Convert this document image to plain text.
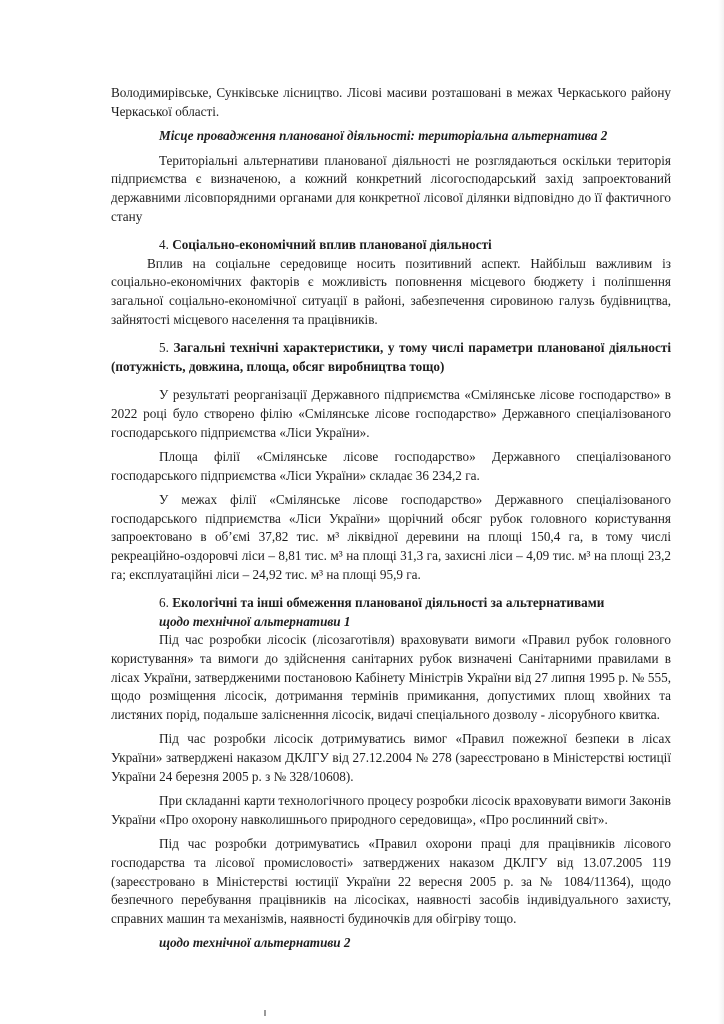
Володимирівське, Сунківське лісництво. Лісові масиви розташовані в межах Черкаського району Черкаської області.

Місце провадження планованої діяльності: територіальна альтернатива 2

Територіальні альтернативи планованої діяльності не розглядаються оскільки територія підприємства є визначеною, а кожний конкретний лісогосподарський захід запроектований державними лісовпорядними органами для конкретної лісової ділянки відповідно до її фактичного стану

4. Соціально-економічний вплив планованої діяльності

Вплив на соціальне середовище носить позитивний аспект. Найбільш важливим із соціально-економічних факторів є можливість поповнення місцевого бюджету і поліпшення загальної соціально-економічної ситуації в районі, забезпечення сировиною галузь будівництва, зайнятості місцевого населення та працівників.

5. Загальні технічні характеристики, у тому числі параметри планованої діяльності (потужність, довжина, площа, обсяг виробництва тощо)

У результаті реорганізації Державного підприємства «Смілянське лісове господарство» в 2022 році було створено філію «Смілянське лісове господарство» Державного спеціалізованого господарського підприємства «Ліси України».

Площа філії «Смілянське лісове господарство» Державного спеціалізованого господарського підприємства «Ліси України» складає 36 234,2 га.

У межах філії «Смілянське лісове господарство» Державного спеціалізованого господарського підприємства «Ліси України» щорічний обсяг рубок головного користування запроектовано в об’ємі 37,82 тис. м³ ліквідної деревини на площі 150,4 га, в тому числі рекреаційно-оздоровчі ліси – 8,81 тис. м³ на площі 31,3 га, захисні ліси – 4,09 тис. м³ на площі 23,2 га; експлуатаційні ліси – 24,92 тис. м³ на площі 95,9 га.

6. Екологічні та інші обмеження планованої діяльності за альтернативами

щодо технічної альтернативи 1

Під час розробки лісосік (лісозаготівля) враховувати вимоги «Правил рубок головного користування» та вимоги до здійснення санітарних рубок визначені Санітарними правилами в лісах України, затвердженими постановою Кабінету Міністрів України від 27 липня 1995 р. № 555, щодо розміщення лісосік, дотримання термінів примикання, допустимих площ хвойних та листяних порід, подальше залісненння лісосік, видачі спеціального дозволу - лісорубного квитка.

Під час розробки лісосік дотримуватись вимог «Правил пожежної безпеки в лісах України» затверджені наказом ДКЛГУ від 27.12.2004 № 278 (зареєстровано в Міністерстві юстиції України 24 березня 2005 р. з № 328/10608).

При складанні карти технологічного процесу розробки лісосік враховувати вимоги Законів України «Про охорону навколишнього природного середовища», «Про рослинний світ».

Під час розробки дотримуватись «Правил охорони праці для працівників лісового господарства та лісової промисловості» затверджених наказом ДКЛГУ від 13.07.2005 119 (зареєстровано в Міністерстві юстиції України 22 вересня 2005 р. за № 1084/11364), щодо безпечного перебування працівників на лісосіках, наявності засобів індивідуального захисту, справних машин та механізмів, наявності будиночків для обігріву тощо.

щодо технічної альтернативи 2
